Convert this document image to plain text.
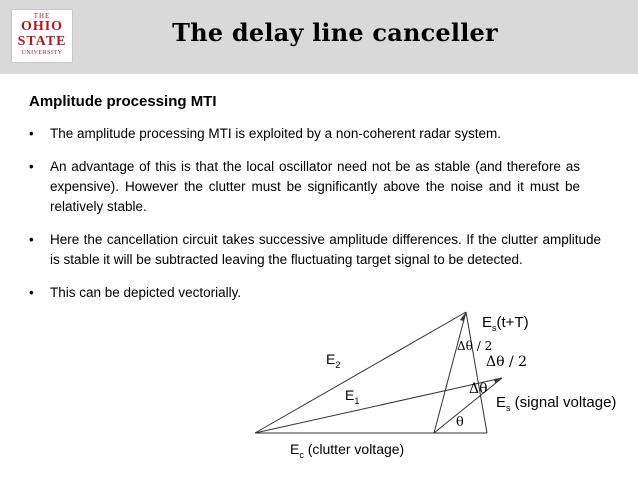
THE
OHIO
STATE
UNIVERSITY
The delay line canceller
Amplitude processing MTI
• The amplitude processing MTI is exploited by a non-coherent radar system.
• An advantage of this is that the local oscillator need not be as stable (and therefore as expensive). However the clutter must be significantly above the noise and it must be relatively stable.
• Here the cancellation circuit takes successive amplitude differences. If the clutter amplitude is stable it will be subtracted leaving the fluctuating target signal to be detected.
• This can be depicted vectorially.
$E_2$
$E_1$
$E_c$ (clutter voltage)
$E_s(t+T)$
$E_s$ (signal voltage)
Δθ / 2
Δθ / 2
Δθ
θ
